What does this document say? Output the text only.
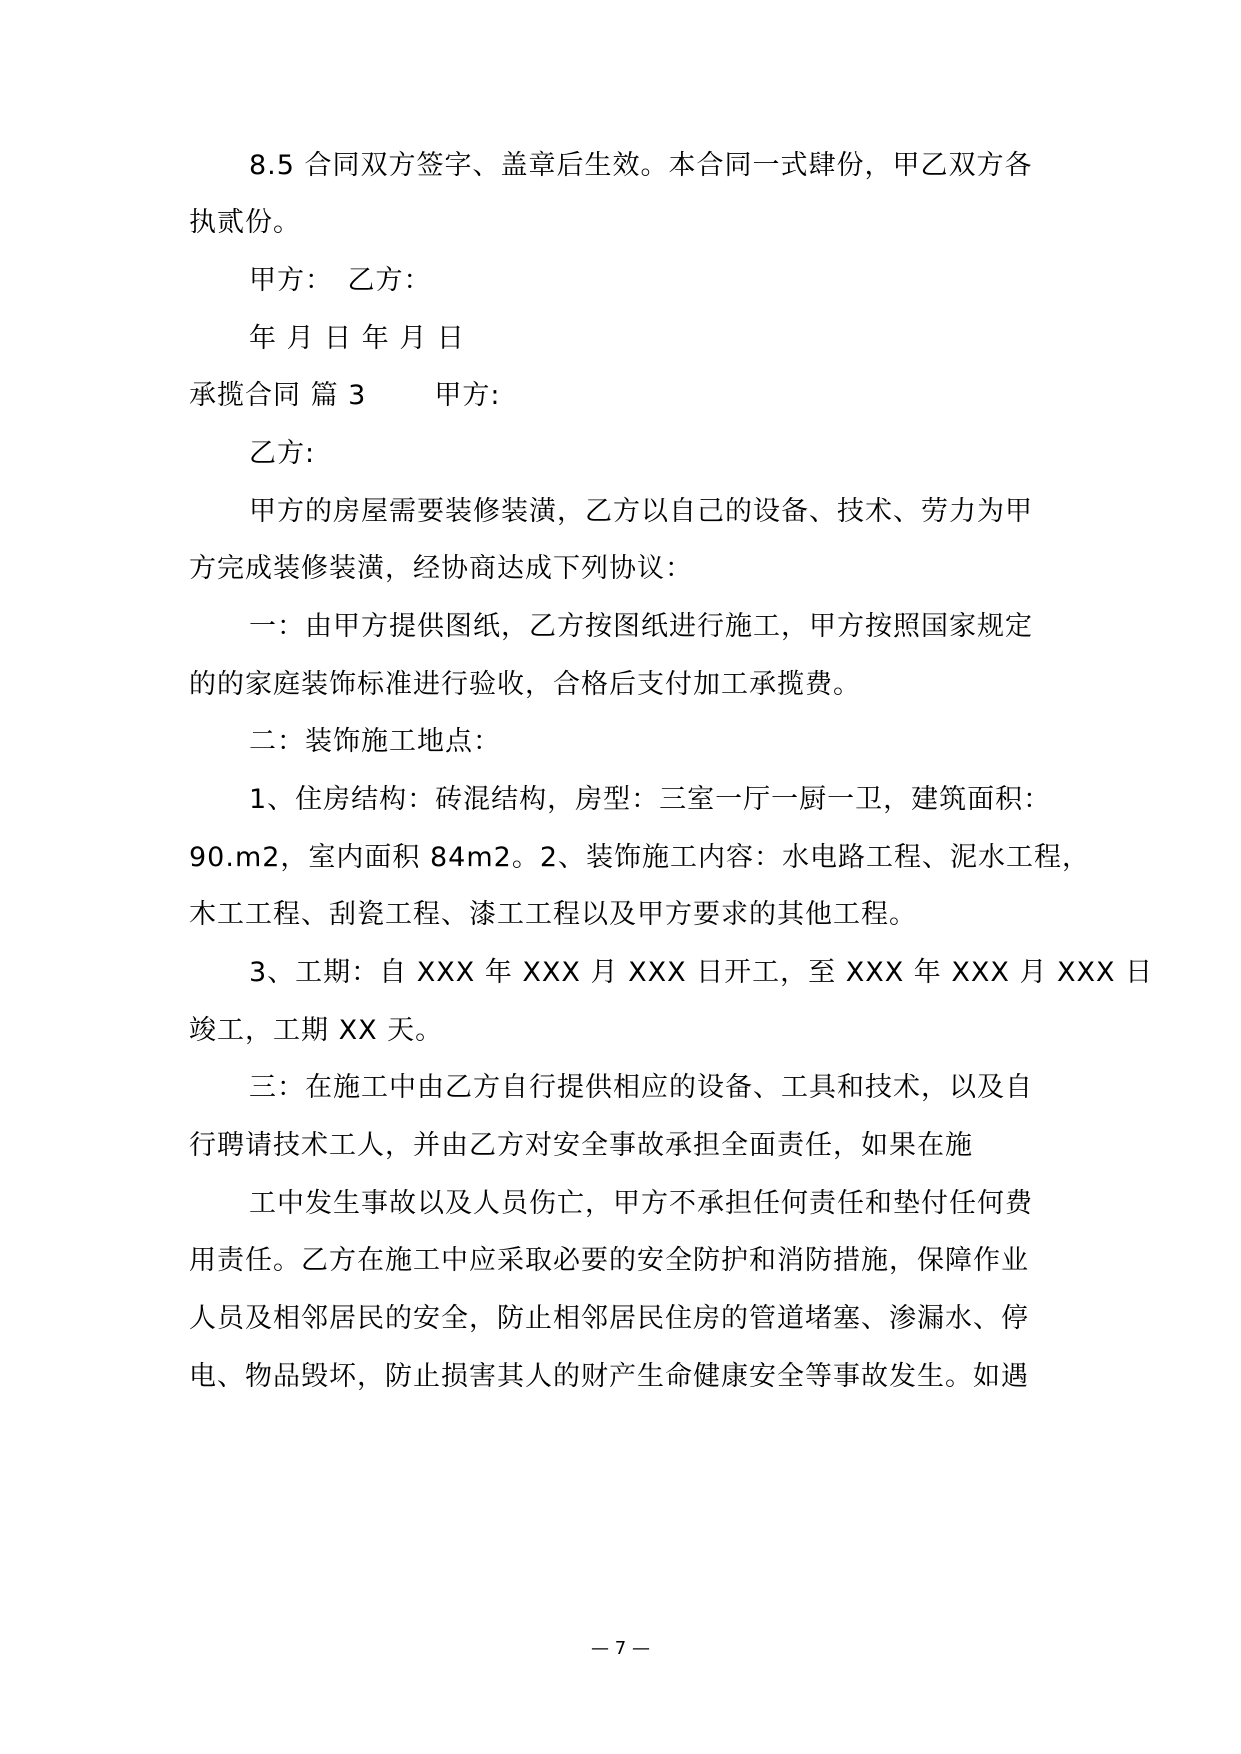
8.5 合同双方签字、盖章后生效。本合同一式肆份，甲乙双方各
执贰份。
甲方：　乙方：
年 月 日 年 月 日
承揽合同 篇 3	甲方:
乙方:
甲方的房屋需要装修装潢，乙方以自己的设备、技术、劳力为甲
方完成装修装潢，经协商达成下列协议：
一：由甲方提供图纸，乙方按图纸进行施工，甲方按照国家规定
的的家庭装饰标准进行验收，合格后支付加工承揽费。
二：装饰施工地点：
1、住房结构：砖混结构，房型：三室一厅一厨一卫，建筑面积：
90.m2，室内面积 84m2。2、装饰施工内容：水电路工程、泥水工程，
木工工程、刮瓷工程、漆工工程以及甲方要求的其他工程。
3、工期：自 XXX 年 XXX 月 XXX 日开工，至 XXX 年 XXX 月 XXX 日
竣工，工期 XX 天。
三：在施工中由乙方自行提供相应的设备、工具和技术，以及自
行聘请技术工人，并由乙方对安全事故承担全面责任，如果在施
工中发生事故以及人员伤亡，甲方不承担任何责任和垫付任何费
用责任。乙方在施工中应采取必要的安全防护和消防措施，保障作业
人员及相邻居民的安全，防止相邻居民住房的管道堵塞、渗漏水、停
电、物品毁坏，防止损害其人的财产生命健康安全等事故发生。如遇
— 7 —
